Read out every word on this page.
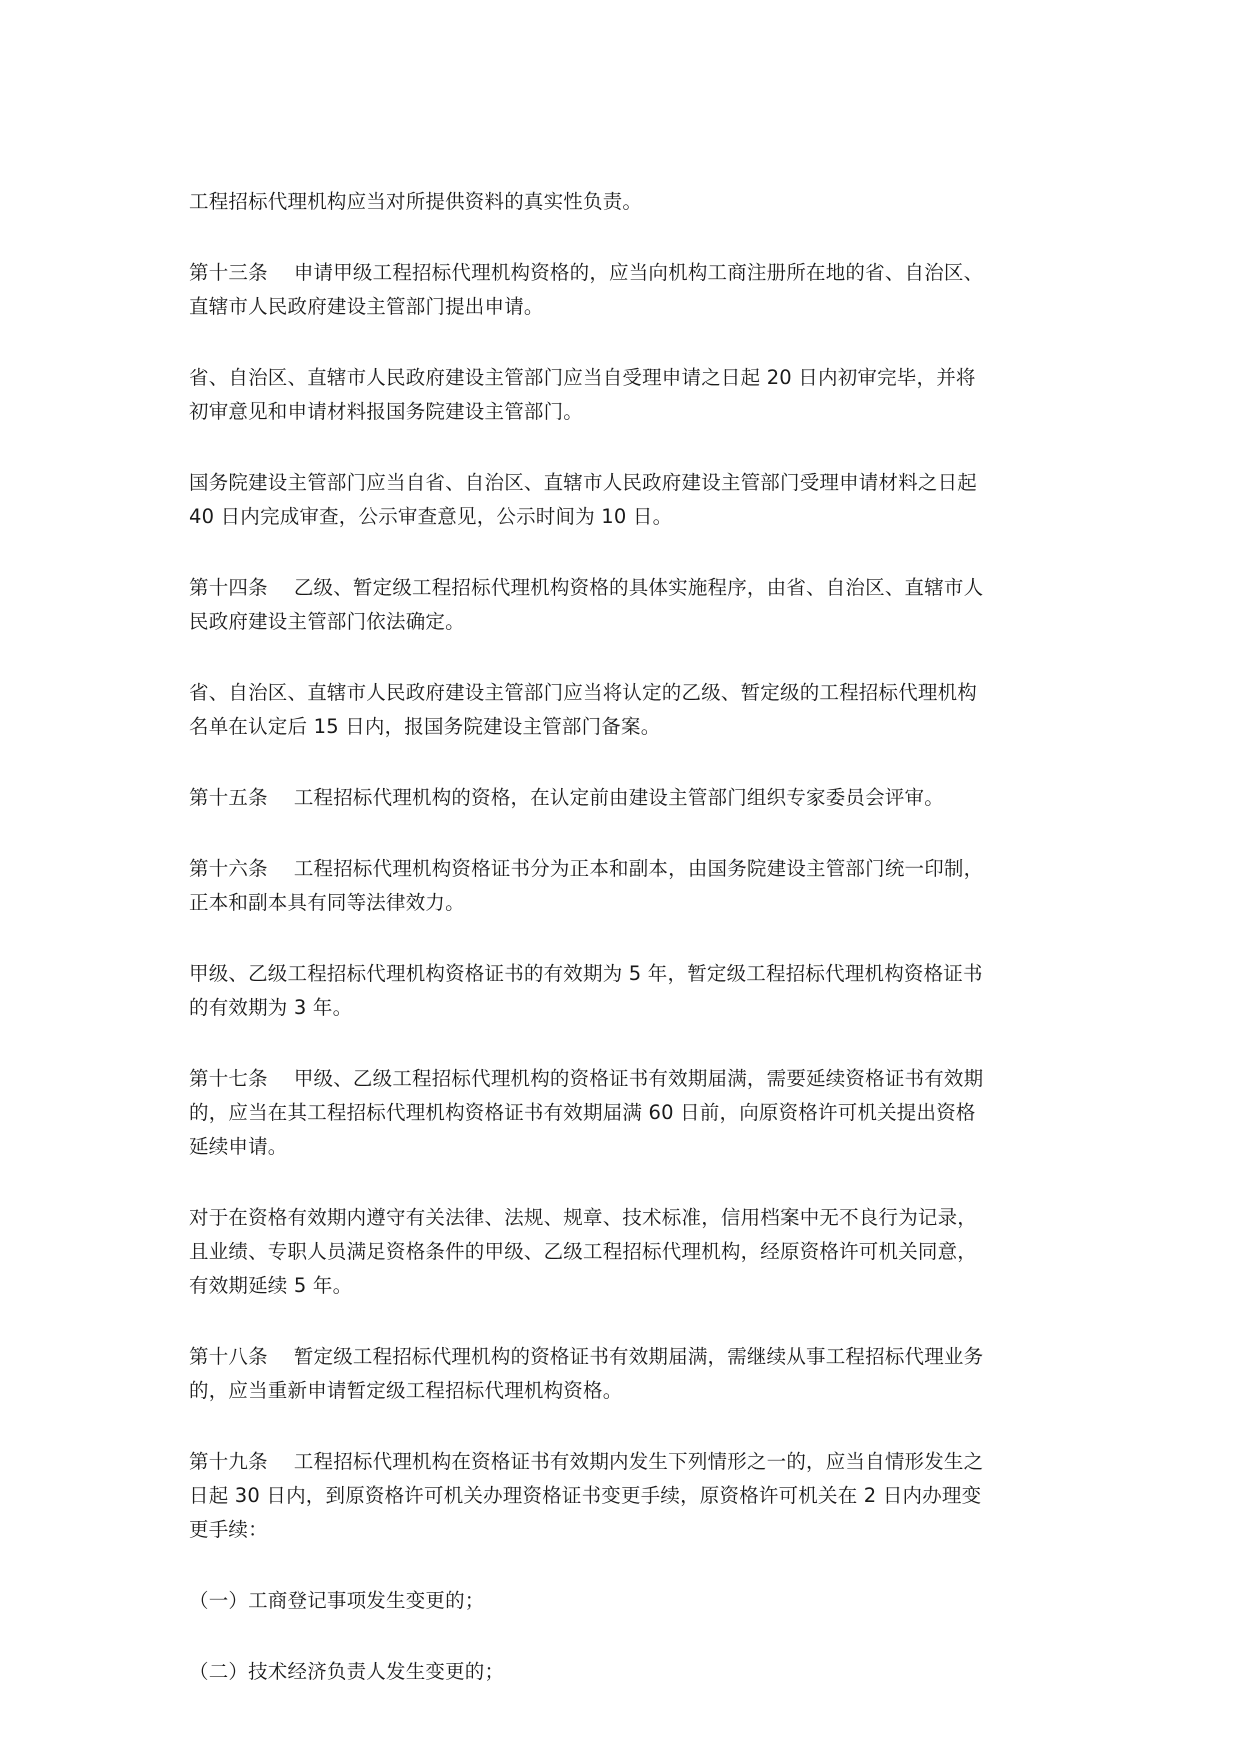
工程招标代理机构应当对所提供资料的真实性负责。

第十三条 申请甲级工程招标代理机构资格的，应当向机构工商注册所在地的省、自治区、
直辖市人民政府建设主管部门提出申请。

省、自治区、直辖市人民政府建设主管部门应当自受理申请之日起 20 日内初审完毕，并将
初审意见和申请材料报国务院建设主管部门。

国务院建设主管部门应当自省、自治区、直辖市人民政府建设主管部门受理申请材料之日起
40 日内完成审查，公示审查意见，公示时间为 10 日。

第十四条 乙级、暂定级工程招标代理机构资格的具体实施程序，由省、自治区、直辖市人
民政府建设主管部门依法确定。

省、自治区、直辖市人民政府建设主管部门应当将认定的乙级、暂定级的工程招标代理机构
名单在认定后 15 日内，报国务院建设主管部门备案。

第十五条 工程招标代理机构的资格，在认定前由建设主管部门组织专家委员会评审。

第十六条 工程招标代理机构资格证书分为正本和副本，由国务院建设主管部门统一印制，
正本和副本具有同等法律效力。

甲级、乙级工程招标代理机构资格证书的有效期为 5 年，暂定级工程招标代理机构资格证书
的有效期为 3 年。

第十七条 甲级、乙级工程招标代理机构的资格证书有效期届满，需要延续资格证书有效期
的，应当在其工程招标代理机构资格证书有效期届满 60 日前，向原资格许可机关提出资格
延续申请。

对于在资格有效期内遵守有关法律、法规、规章、技术标准，信用档案中无不良行为记录，
且业绩、专职人员满足资格条件的甲级、乙级工程招标代理机构，经原资格许可机关同意，
有效期延续 5 年。

第十八条 暂定级工程招标代理机构的资格证书有效期届满，需继续从事工程招标代理业务
的，应当重新申请暂定级工程招标代理机构资格。

第十九条 工程招标代理机构在资格证书有效期内发生下列情形之一的，应当自情形发生之
日起 30 日内，到原资格许可机关办理资格证书变更手续，原资格许可机关在 2 日内办理变
更手续：

（一）工商登记事项发生变更的；

（二）技术经济负责人发生变更的；
